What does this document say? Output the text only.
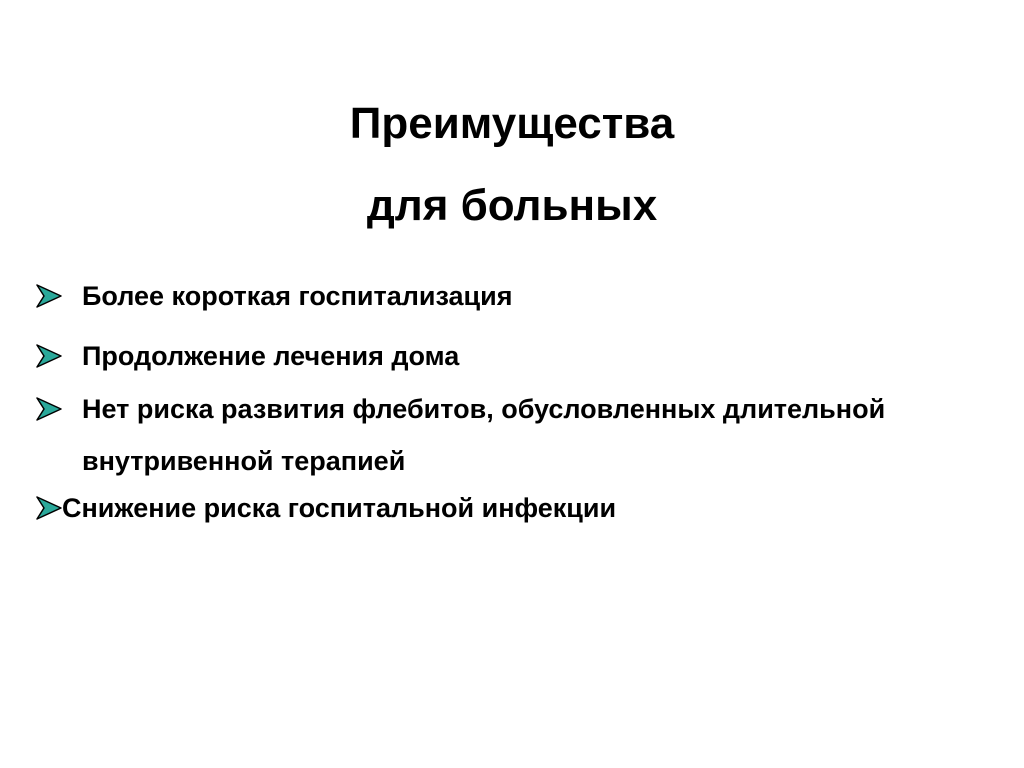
Преимущества
для больных
Более короткая госпитализация
Продолжение лечения дома
Нет риска развития флебитов, обусловленных длительной
внутривенной терапией
Снижение риска госпитальной инфекции
